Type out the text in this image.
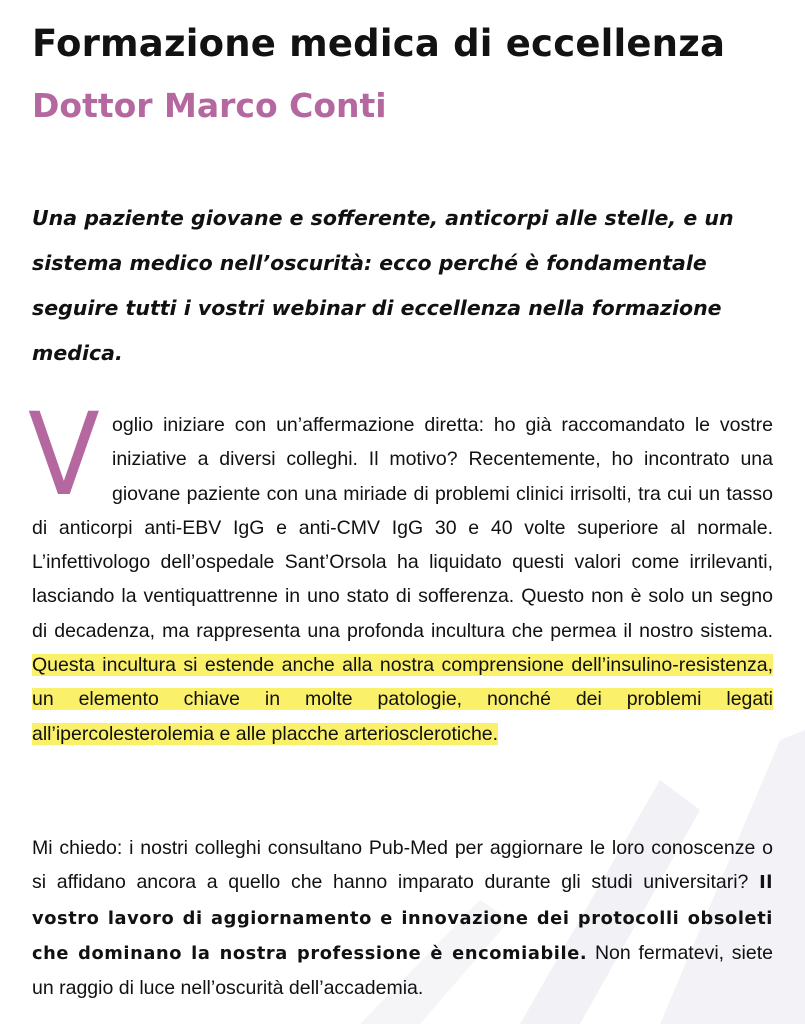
Formazione medica di eccellenza
Dottor Marco Conti

Una paziente giovane e sofferente, anticorpi alle stelle, e un sistema medico nell’oscurità: ecco perché è fondamentale seguire tutti i vostri webinar di eccellenza nella formazione medica.

V oglio iniziare con un’affermazione diretta: ho già raccomandato le vostre iniziative a diversi colleghi. Il motivo? Recentemente, ho incontrato una giovane paziente con una miriade di problemi clinici irrisolti, tra cui un tasso di anticorpi anti-EBV IgG e anti-CMV IgG 30 e 40 volte superiore al normale. L’infettivologo dell’ospedale Sant’Orsola ha liquidato questi valori come irrilevanti, lasciando la ventiquattrenne in uno stato di sofferenza. Questo non è solo un segno di decadenza, ma rappresenta una profonda incultura che permea il nostro sistema. Questa incultura si estende anche alla nostra comprensione dell’insulino-resistenza, un elemento chiave in molte patologie, nonché dei problemi legati all’ipercolesterolemia e alle placche arteriosclerotiche.

Mi chiedo: i nostri colleghi consultano Pub-Med per aggiornare le loro conoscenze o si affidano ancora a quello che hanno imparato durante gli studi universitari? Il vostro lavoro di aggiornamento e innovazione dei protocolli obsoleti che dominano la nostra professione è encomiabile. Non fermatevi, siete un raggio di luce nell’oscurità dell’accademia.
